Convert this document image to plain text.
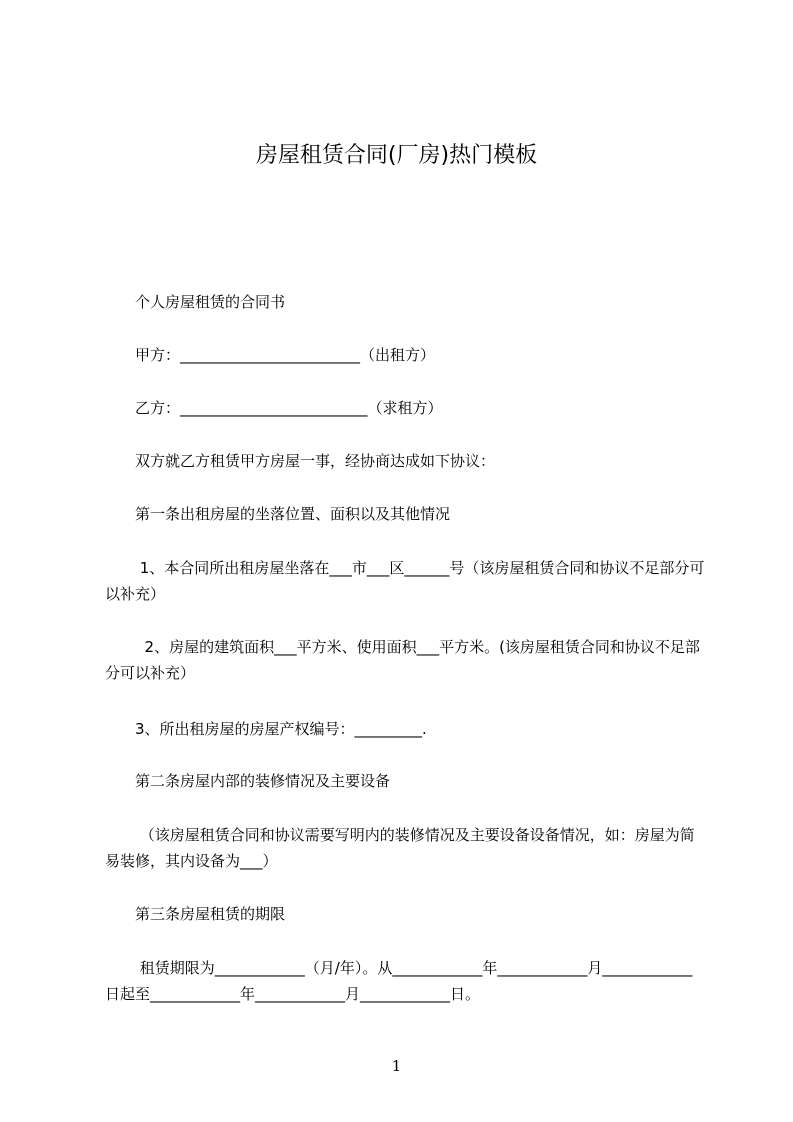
房屋租赁合同(厂房)热门模板

　　个人房屋租赁的合同书

　　甲方：________________________（出租方）

　　乙方：_________________________（求租方）

　　双方就乙方租赁甲方房屋一事，经协商达成如下协议：

　　第一条出租房屋的坐落位置、面积以及其他情况

　　 1、本合同所出租房屋坐落在___市___区______号（该房屋租赁合同和协议不足部分可以补充）

　　  2、房屋的建筑面积___平方米、使用面积___平方米。(该房屋租赁合同和协议不足部分可以补充）

　　3、所出租房屋的房屋产权编号：_________.

　　第二条房屋内部的装修情况及主要设备

　　 （该房屋租赁合同和协议需要写明内的装修情况及主要设备设备情况，如：房屋为简易装修，其内设备为___）

　　第三条房屋租赁的期限

　　 租赁期限为____________（月/年）。从____________年____________月____________日起至____________年____________月____________日。

1
